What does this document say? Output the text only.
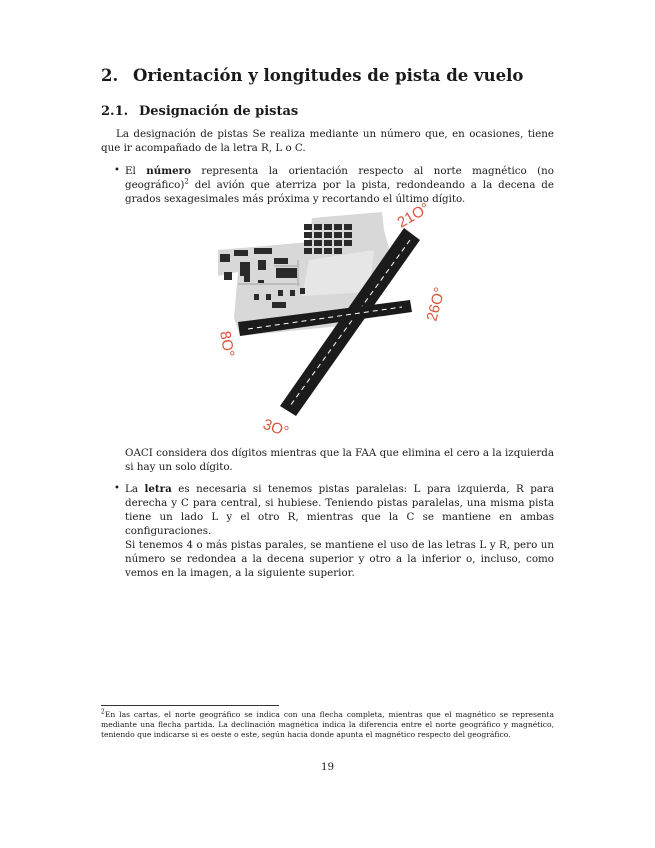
2. Orientación y longitudes de pista de vuelo
2.1. Designación de pistas
La designación de pistas Se realiza mediante un número que, en ocasiones, tiene que ir acompañado de la letra R, L o C.
• El número representa la orientación respecto al norte magnético (no geográfico)$^2$ del avión que aterriza por la pista, redondeando a la decena de grados sexagesimales más próxima y recortando el último dígito.
21O°
26O°
8O°
3O°
OACI considera dos dígitos mientras que la FAA que elimina el cero a la izquierda si hay un solo dígito.
• La letra es necesaria si tenemos pistas paralelas: L para izquierda, R para derecha y C para central, si hubiese. Teniendo pistas paralelas, una misma pista tiene un lado L y el otro R, mientras que la C se mantiene en ambas configuraciones.
Si tenemos 4 o más pistas parales, se mantiene el uso de las letras L y R, pero un número se redondea a la decena superior y otro a la inferior o, incluso, como vemos en la imagen, a la siguiente superior.
$^2$En las cartas, el norte geográfico se indica con una flecha completa, mientras que el magnético se representa mediante una flecha partida. La declinación magnética indica la diferencia entre el norte geográfico y magnético, teniendo que indicarse si es oeste o este, según hacia donde apunta el magnético respecto del geográfico.
19
